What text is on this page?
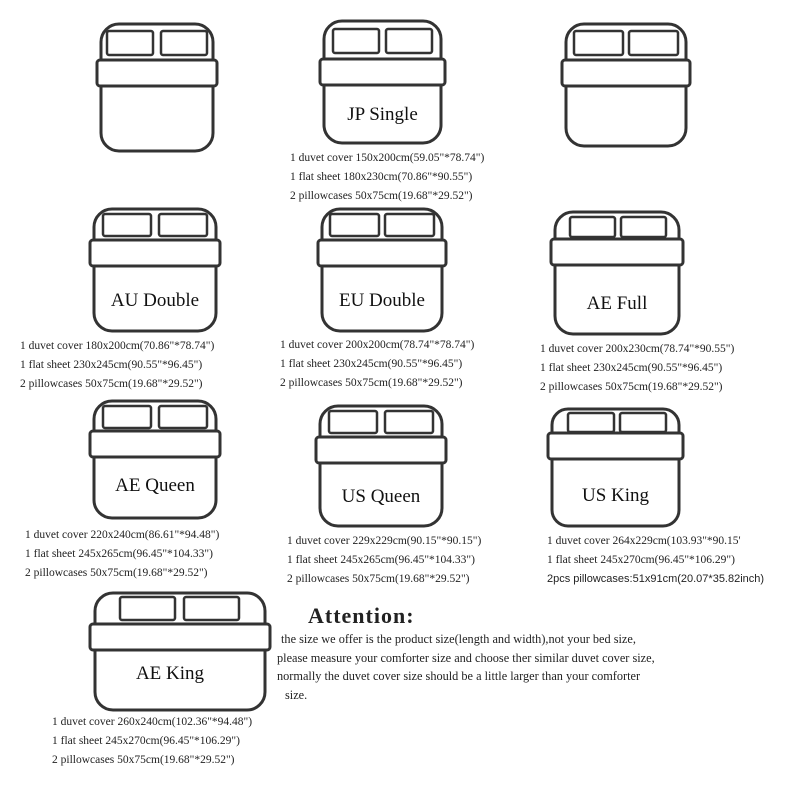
JP Single
1 duvet cover 150x200cm(59.05"*78.74")
1 flat sheet 180x230cm(70.86"*90.55")
2 pillowcases 50x75cm(19.68"*29.52")
AU Double	EU Double	AE Full
1 duvet cover 180x200cm(70.86"*78.74")
1 flat sheet 230x245cm(90.55"*96.45")
2 pillowcases 50x75cm(19.68"*29.52")
1 duvet cover 200x200cm(78.74"*78.74")
1 flat sheet 230x245cm(90.55"*96.45")
2 pillowcases 50x75cm(19.68"*29.52")
1 duvet cover 200x230cm(78.74"*90.55")
1 flat sheet 230x245cm(90.55"*96.45")
2 pillowcases 50x75cm(19.68"*29.52")
AE Queen
US Queen	US King
1 duvet cover 220x240cm(86.61"*94.48")
1 flat sheet 245x265cm(96.45"*104.33")
2 pillowcases 50x75cm(19.68"*29.52")
1 duvet cover 229x229cm(90.15"*90.15")
1 flat sheet 245x265cm(96.45"*104.33")
2 pillowcases 50x75cm(19.68"*29.52")
1 duvet cover 264x229cm(103.93"*90.15'
1 flat sheet 245x270cm(96.45"*106.29")
2pcs pillowcases:51x91cm(20.07*35.82inch)
AE King
1 duvet cover 260x240cm(102.36"*94.48")
1 flat sheet 245x270cm(96.45"*106.29")
2 pillowcases 50x75cm(19.68"*29.52")
Attention:
the size we offer is the product size(length and width),not your bed size,
please measure your comforter size and choose ther similar duvet cover size,
normally the duvet cover size should be a little larger than your comforter
size.
